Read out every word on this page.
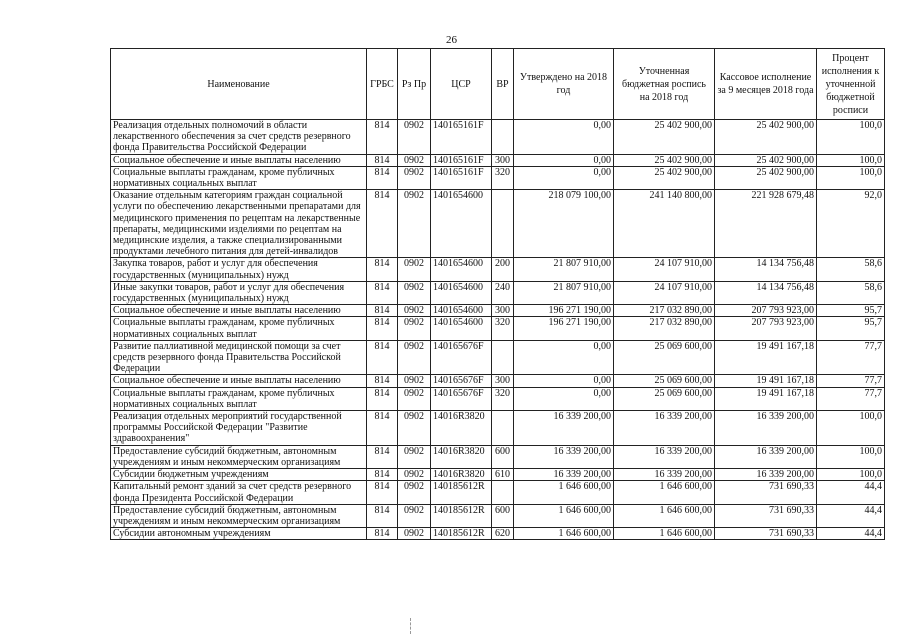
26
Наименование	ГРБС	Рз Пр	ЦСР	ВР	Утверждено на 2018 год	Уточненная бюджетная роспись на 2018 год	Кассовое исполнение за 9 месяцев 2018 года	Процент исполнения к уточненной бюджетной росписи
Реализация отдельных полномочий в области лекарственного обеспечения за счет средств резервного фонда Правительства Российской Федерации	814	0902	140165161F		0,00	25 402 900,00	25 402 900,00	100,0
Социальное обеспечение и иные выплаты населению	814	0902	140165161F	300	0,00	25 402 900,00	25 402 900,00	100,0
Социальные выплаты гражданам, кроме публичных нормативных социальных выплат	814	0902	140165161F	320	0,00	25 402 900,00	25 402 900,00	100,0
Оказание отдельным категориям граждан социальной услуги по обеспечению лекарственными препаратами для медицинского применения по рецептам на лекарственные препараты, медицинскими изделиями по рецептам на медицинские изделия, а также специализированными продуктами лечебного питания для детей-инвалидов	814	0902	1401654600		218 079 100,00	241 140 800,00	221 928 679,48	92,0
Закупка товаров, работ и услуг для обеспечения государственных (муниципальных) нужд	814	0902	1401654600	200	21 807 910,00	24 107 910,00	14 134 756,48	58,6
Иные закупки товаров, работ и услуг для обеспечения государственных (муниципальных) нужд	814	0902	1401654600	240	21 807 910,00	24 107 910,00	14 134 756,48	58,6
Социальное обеспечение и иные выплаты населению	814	0902	1401654600	300	196 271 190,00	217 032 890,00	207 793 923,00	95,7
Социальные выплаты гражданам, кроме публичных нормативных социальных выплат	814	0902	1401654600	320	196 271 190,00	217 032 890,00	207 793 923,00	95,7
Развитие паллиативной медицинской помощи за счет средств резервного фонда Правительства Российской Федерации	814	0902	140165676F		0,00	25 069 600,00	19 491 167,18	77,7
Социальное обеспечение и иные выплаты населению	814	0902	140165676F	300	0,00	25 069 600,00	19 491 167,18	77,7
Социальные выплаты гражданам, кроме публичных нормативных социальных выплат	814	0902	140165676F	320	0,00	25 069 600,00	19 491 167,18	77,7
Реализация отдельных мероприятий государственной программы Российской Федерации "Развитие здравоохранения"	814	0902	14016R3820		16 339 200,00	16 339 200,00	16 339 200,00	100,0
Предоставление субсидий бюджетным, автономным учреждениям и иным некоммерческим организациям	814	0902	14016R3820	600	16 339 200,00	16 339 200,00	16 339 200,00	100,0
Субсидии бюджетным учреждениям	814	0902	14016R3820	610	16 339 200,00	16 339 200,00	16 339 200,00	100,0
Капитальный ремонт зданий за счет средств резервного фонда Президента Российской Федерации	814	0902	140185612R		1 646 600,00	1 646 600,00	731 690,33	44,4
Предоставление субсидий бюджетным, автономным учреждениям и иным некоммерческим организациям	814	0902	140185612R	600	1 646 600,00	1 646 600,00	731 690,33	44,4
Субсидии автономным учреждениям	814	0902	140185612R	620	1 646 600,00	1 646 600,00	731 690,33	44,4
